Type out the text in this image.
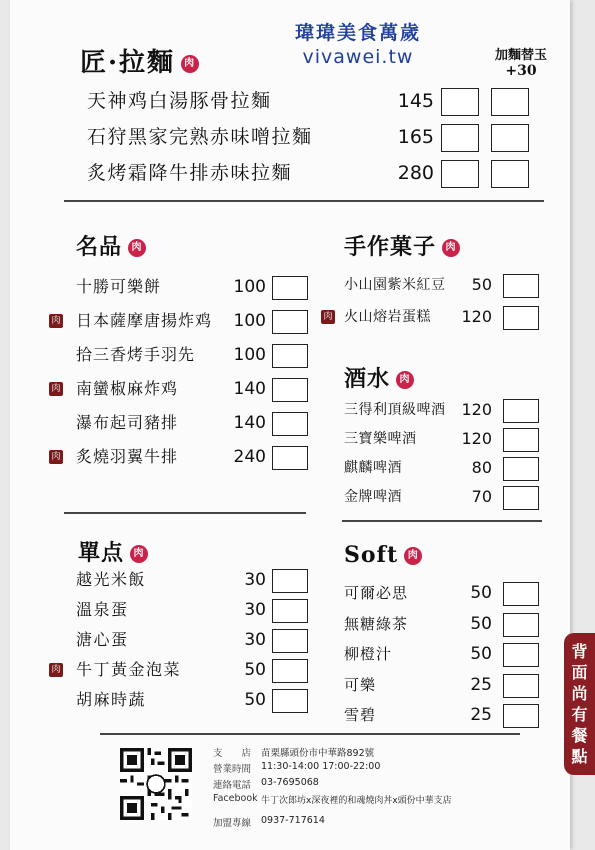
瑋瑋美食萬歲
vivawei.tw
匠·拉麵 肉
加麵替玉
+30
天神鸡白湯豚骨拉麵	145
石狩黑家完熟赤味噌拉麵	165
炙烤霜降牛排赤味拉麵	280
名品 肉
十勝可樂餅	100
肉 日本薩摩唐揚炸鸡	100
拾三香烤手羽先	100
肉 南蠻椒麻炸鸡	140
瀑布起司豬排	140
肉 炙燒羽翼牛排	240
手作菓子 肉
小山園紫米紅豆	50
肉 火山熔岩蛋糕	120
酒水 肉
三得利頂級啤酒 120
三寶樂啤酒	120
麒麟啤酒	80
金牌啤酒	70
單点 肉
越光米飯	30
溫泉蛋	30
溏心蛋	30
肉 牛丁黃金泡菜	50
胡麻時蔬	50
Soft 肉
可爾必思	50
無糖綠茶	50
柳橙汁	50
可樂	25
雪碧	25
背
面
尚
有
餐
點
支　　店	苗栗縣頭份市中華路892號
營業時間	11:30-14:00 17:00-22:00
連絡電話	03-7695068
Facebook 牛丁次郎坊x深夜裡的和魂燒肉丼x頭份中華支店
加盟專線	0937-717614
